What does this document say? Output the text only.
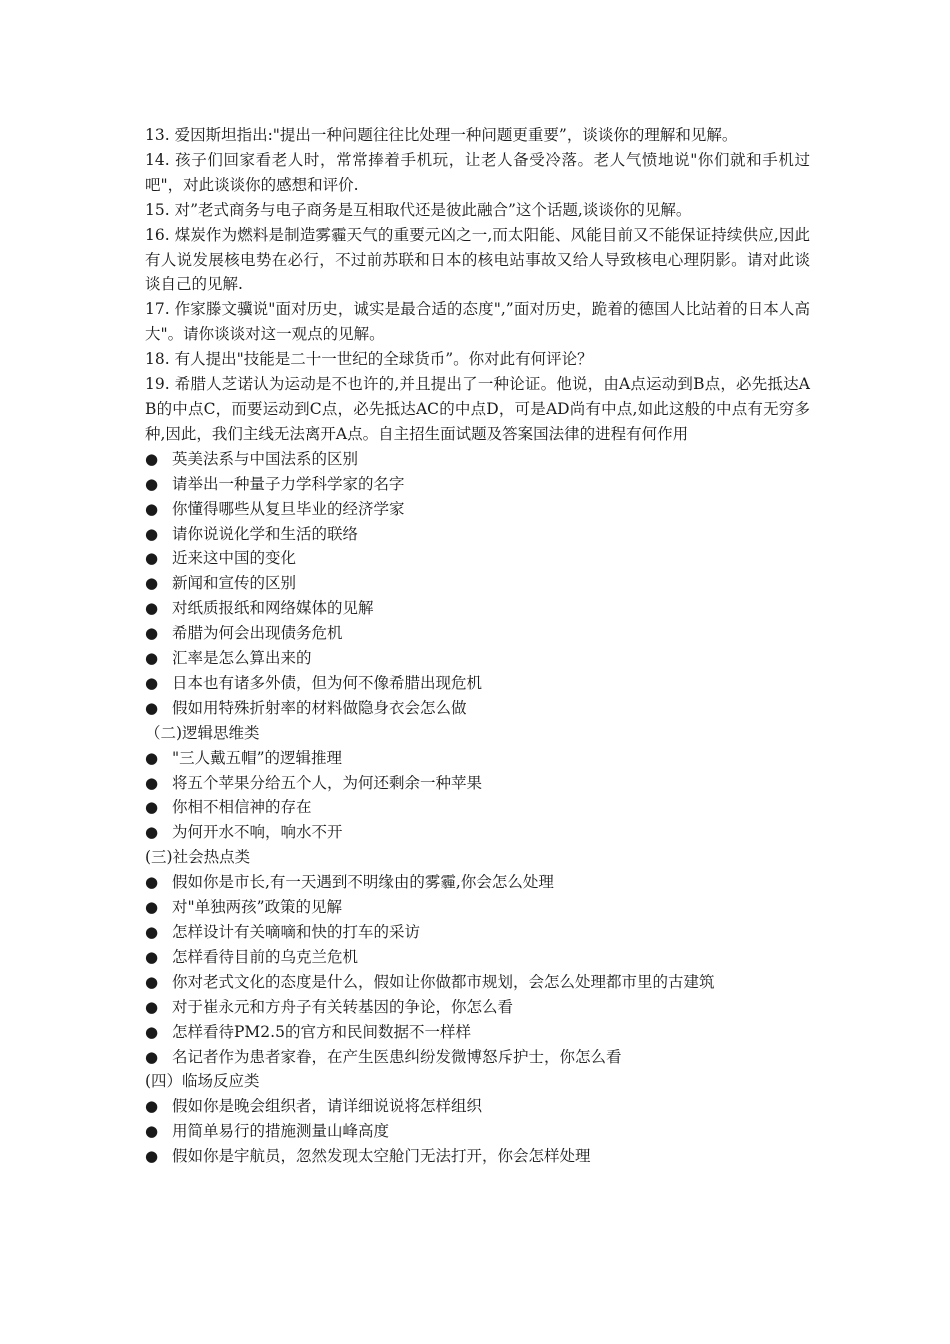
13. 爱因斯坦指出:"提出一种问题往往比处理一种问题更重要”，谈谈你的理解和见解。

14. 孩子们回家看老人时，常常捧着手机玩，让老人备受冷落。老人气愤地说"你们就和手机过吧"，对此谈谈你的感想和评价.

15. 对”老式商务与电子商务是互相取代还是彼此融合”这个话题,谈谈你的见解。

16. 煤炭作为燃料是制造雾霾天气的重要元凶之一,而太阳能、风能目前又不能保证持续供应,因此有人说发展核电势在必行，不过前苏联和日本的核电站事故又给人导致核电心理阴影。请对此谈谈自己的见解.

17. 作家滕文骥说"面对历史，诚实是最合适的态度",”面对历史，跪着的德国人比站着的日本人高大"。请你谈谈对这一观点的见解。

18. 有人提出"技能是二十一世纪的全球货币”。你对此有何评论？

19. 希腊人芝诺认为运动是不也许的,并且提出了一种论证。他说，由A点运动到B点，必先抵达AB的中点C，而要运动到C点，必先抵达AC的中点D，可是AD尚有中点,如此这般的中点有无穷多种,因此，我们主线无法离开A点。自主招生面试题及答案国法律的进程有何作用

● 英美法系与中国法系的区别
● 请举出一种量子力学科学家的名字
● 你懂得哪些从复旦毕业的经济学家
● 请你说说化学和生活的联络
● 近来这中国的变化
● 新闻和宣传的区别
● 对纸质报纸和网络媒体的见解
● 希腊为何会出现债务危机
● 汇率是怎么算出来的
● 日本也有诸多外债，但为何不像希腊出现危机
● 假如用特殊折射率的材料做隐身衣会怎么做

（二)逻辑思维类

● "三人戴五帽”的逻辑推理
● 将五个苹果分给五个人，为何还剩余一种苹果
● 你相不相信神的存在
● 为何开水不响，响水不开

(三)社会热点类

● 假如你是市长,有一天遇到不明缘由的雾霾,你会怎么处理
● 对"单独两孩”政策的见解
● 怎样设计有关嘀嘀和快的打车的采访
● 怎样看待目前的乌克兰危机
● 你对老式文化的态度是什么，假如让你做都市规划，会怎么处理都市里的古建筑
● 对于崔永元和方舟子有关转基因的争论，你怎么看
● 怎样看待PM2.5的官方和民间数据不一样样
● 名记者作为患者家眷，在产生医患纠纷发微博怒斥护士，你怎么看

(四）临场反应类

● 假如你是晚会组织者，请详细说说将怎样组织
● 用简单易行的措施测量山峰高度
● 假如你是宇航员，忽然发现太空舱门无法打开，你会怎样处理
